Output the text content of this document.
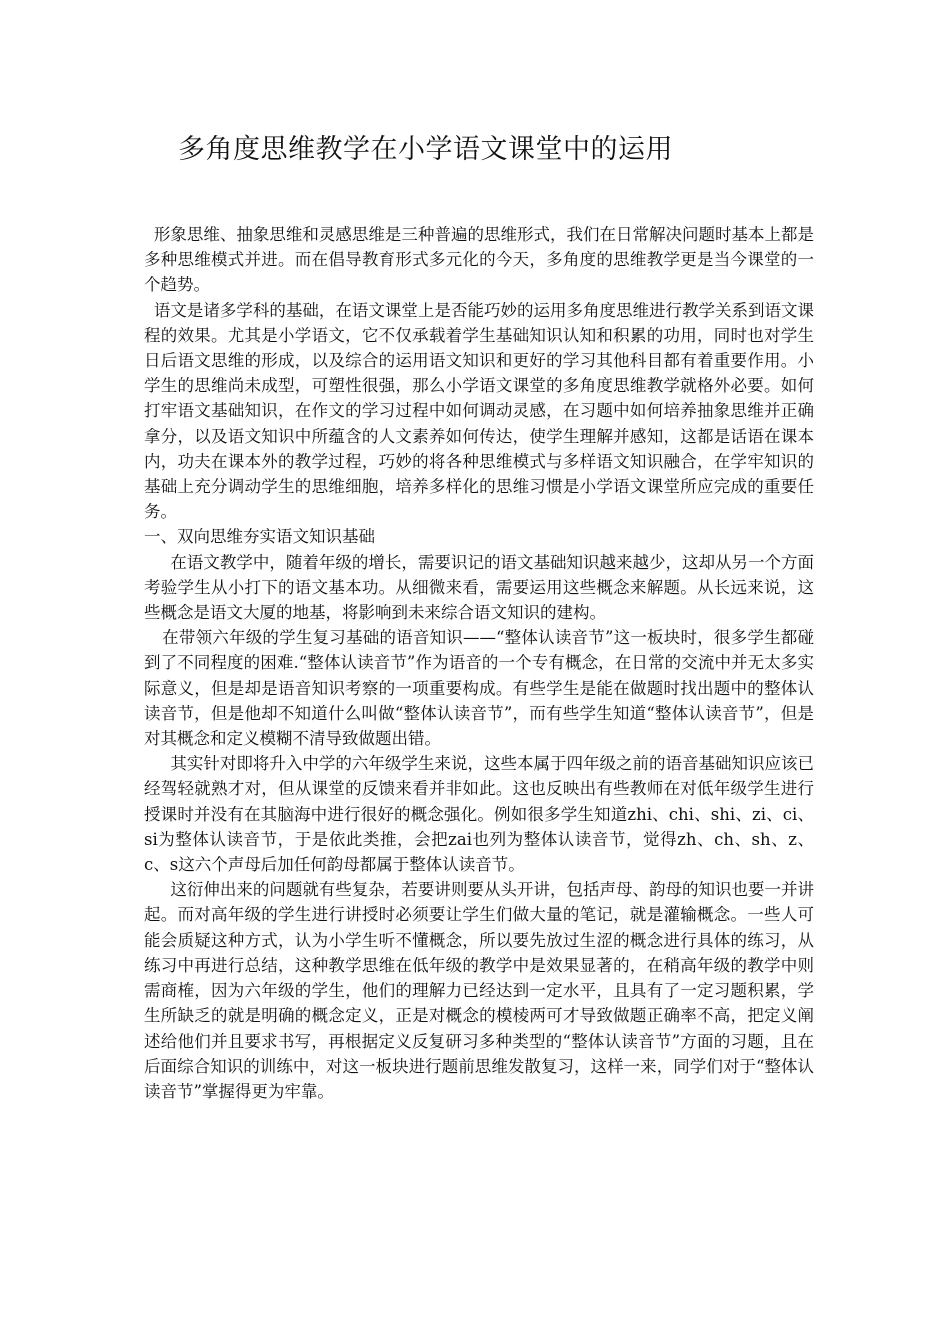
多角度思维教学在小学语文课堂中的运用

形象思维、抽象思维和灵感思维是三种普遍的思维形式，我们在日常解决问题时基本上都是多种思维模式并进。而在倡导教育形式多元化的今天，多角度的思维教学更是当今课堂的一个趋势。

语文是诸多学科的基础，在语文课堂上是否能巧妙的运用多角度思维进行教学关系到语文课程的效果。尤其是小学语文，它不仅承载着学生基础知识认知和积累的功用，同时也对学生日后语文思维的形成，以及综合的运用语文知识和更好的学习其他科目都有着重要作用。小学生的思维尚未成型，可塑性很强，那么小学语文课堂的多角度思维教学就格外必要。如何打牢语文基础知识，在作文的学习过程中如何调动灵感，在习题中如何培养抽象思维并正确拿分，以及语文知识中所蕴含的人文素养如何传达，使学生理解并感知，这都是话语在课本内，功夫在课本外的教学过程，巧妙的将各种思维模式与多样语文知识融合，在学牢知识的基础上充分调动学生的思维细胞，培养多样化的思维习惯是小学语文课堂所应完成的重要任务。

一、双向思维夯实语文知识基础

在语文教学中，随着年级的增长，需要识记的语文基础知识越来越少，这却从另一个方面考验学生从小打下的语文基本功。从细微来看，需要运用这些概念来解题。从长远来说，这些概念是语文大厦的地基，将影响到未来综合语文知识的建构。

在带领六年级的学生复习基础的语音知识——“整体认读音节”这一板块时，很多学生都碰到了不同程度的困难.“整体认读音节”作为语音的一个专有概念，在日常的交流中并无太多实际意义，但是却是语音知识考察的一项重要构成。有些学生是能在做题时找出题中的整体认读音节，但是他却不知道什么叫做“整体认读音节”，而有些学生知道“整体认读音节”，但是对其概念和定义模糊不清导致做题出错。

其实针对即将升入中学的六年级学生来说，这些本属于四年级之前的语音基础知识应该已经驾轻就熟才对，但从课堂的反馈来看并非如此。这也反映出有些教师在对低年级学生进行授课时并没有在其脑海中进行很好的概念强化。例如很多学生知道zhi、chi、shi、zi、ci、si为整体认读音节，于是依此类推，会把zai也列为整体认读音节，觉得zh、ch、sh、z、c、s这六个声母后加任何韵母都属于整体认读音节。

这衍伸出来的问题就有些复杂，若要讲则要从头开讲，包括声母、韵母的知识也要一并讲起。而对高年级的学生进行讲授时必须要让学生们做大量的笔记，就是灌输概念。一些人可能会质疑这种方式，认为小学生听不懂概念，所以要先放过生涩的概念进行具体的练习，从练习中再进行总结，这种教学思维在低年级的教学中是效果显著的，在稍高年级的教学中则需商榷，因为六年级的学生，他们的理解力已经达到一定水平，且具有了一定习题积累，学生所缺乏的就是明确的概念定义，正是对概念的模棱两可才导致做题正确率不高，把定义阐述给他们并且要求书写，再根据定义反复研习多种类型的“整体认读音节”方面的习题，且在后面综合知识的训练中，对这一板块进行题前思维发散复习，这样一来，同学们对于“整体认读音节”掌握得更为牢靠。
